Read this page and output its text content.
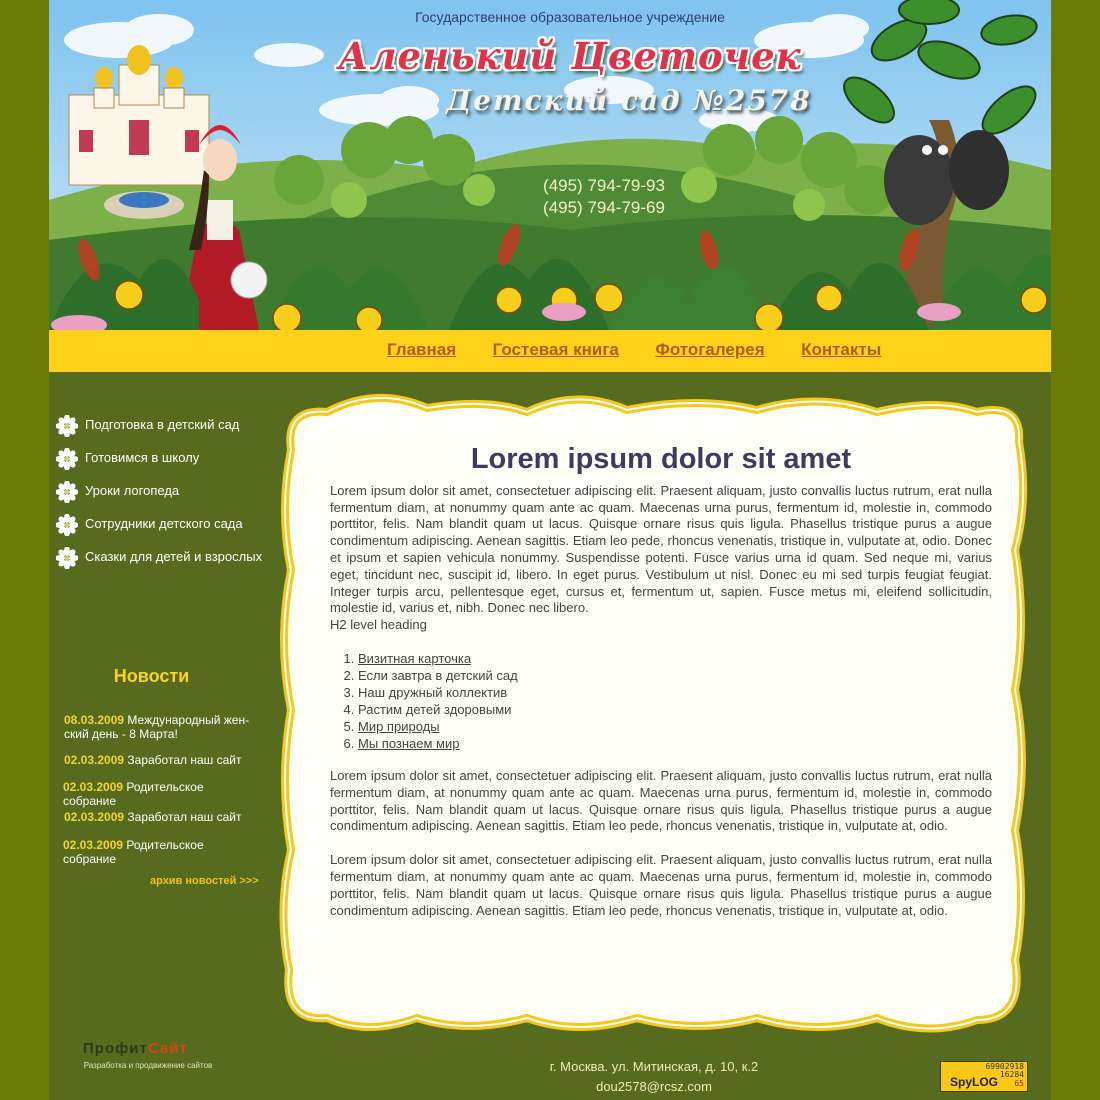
Государственное образовательное учреждение
Аленький Цветочек
Детский сад №2578
(495) 794-79-93
(495) 794-79-69
Главная Гостевая книга Фотогалерея Контакты
Подготовка в детский сад
Готовимся в школу
Уроки логопеда
Сотрудники детского сада
Сказки для детей и взрослых
Новости
08.03.2009 Международный жен-ский день - 8 Марта!
02.03.2009 Заработал наш сайт
02.03.2009 Родительское собрание
02.03.2009 Заработал наш сайт
02.03.2009 Родительское собрание
архив новостей >>>
Lorem ipsum dolor sit amet

Lorem ipsum dolor sit amet, consectetuer adipiscing elit. Praesent aliquam, justo convallis luctus rutrum, erat nulla fermentum diam, at nonummy quam ante ac quam. Maecenas urna purus, fermentum id, molestie in, commodo porttitor, felis. Nam blandit quam ut lacus. Quisque ornare risus quis ligula. Phasellus tristique purus a augue condimentum adipiscing. Aenean sagittis. Etiam leo pede, rhoncus venenatis, tristique in, vulputate at, odio. Donec et ipsum et sapien vehicula nonummy. Suspendisse potenti. Fusce varius urna id quam. Sed neque mi, varius eget, tincidunt nec, suscipit id, libero. In eget purus. Vestibulum ut nisl. Donec eu mi sed turpis feugiat feugiat. Integer turpis arcu, pellentesque eget, cursus et, fermentum ut, sapien. Fusce metus mi, eleifend sollicitudin, molestie id, varius et, nibh. Donec nec libero.

H2 level heading
1. Визитная карточка
2. Если завтра в детский сад
3. Наш дружный коллектив
4. Растим детей здоровыми
5. Мир природы
6. Мы познаем мир

Lorem ipsum dolor sit amet, consectetuer adipiscing elit. Praesent aliquam, justo convallis luctus rutrum, erat nulla fermentum diam, at nonummy quam ante ac quam. Maecenas urna purus, fermentum id, molestie in, commodo porttitor, felis. Nam blandit quam ut lacus. Quisque ornare risus quis ligula. Phasellus tristique purus a augue condimentum adipiscing. Aenean sagittis. Etiam leo pede, rhoncus venenatis, tristique in, vulputate at, odio.

Lorem ipsum dolor sit amet, consectetuer adipiscing elit. Praesent aliquam, justo convallis luctus rutrum, erat nulla fermentum diam, at nonummy quam ante ac quam. Maecenas urna purus, fermentum id, molestie in, commodo porttitor, felis. Nam blandit quam ut lacus. Quisque ornare risus quis ligula. Phasellus tristique purus a augue condimentum adipiscing. Aenean sagittis. Etiam leo pede, rhoncus venenatis, tristique in, vulputate at, odio.

ПрофитСайт
Разработка и продвижение сайтов	г. Москва. ул. Митинская, д. 10, к.2
dou2578@rcsz.com
69902918
16284
65
SpyLOG
